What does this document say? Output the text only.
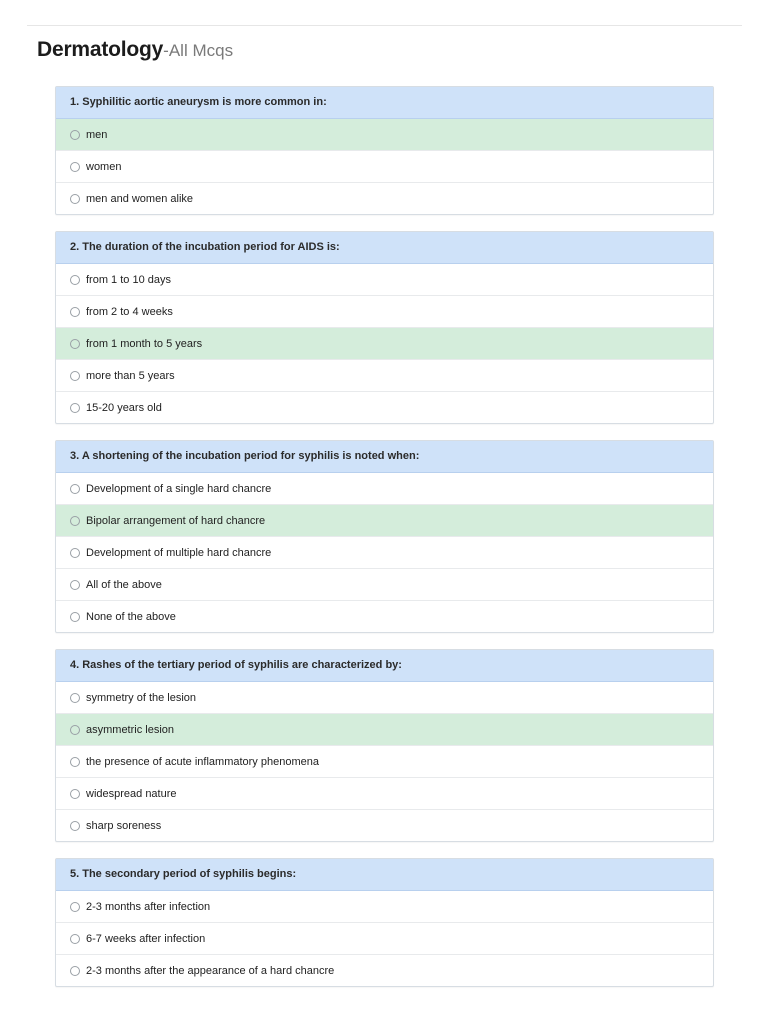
Dermatology-All Mcqs
1. Syphilitic aortic aneurysm is more common in:
men
women
men and women alike
2. The duration of the incubation period for AIDS is:
from 1 to 10 days
from 2 to 4 weeks
from 1 month to 5 years
more than 5 years
15-20 years old
3. A shortening of the incubation period for syphilis is noted when:
Development of a single hard chancre
Bipolar arrangement of hard chancre
Development of multiple hard chancre
All of the above
None of the above
4. Rashes of the tertiary period of syphilis are characterized by:
symmetry of the lesion
asymmetric lesion
the presence of acute inflammatory phenomena
widespread nature
sharp soreness
5. The secondary period of syphilis begins:
2-3 months after infection
6-7 weeks after infection
2-3 months after the appearance of a hard chancre
